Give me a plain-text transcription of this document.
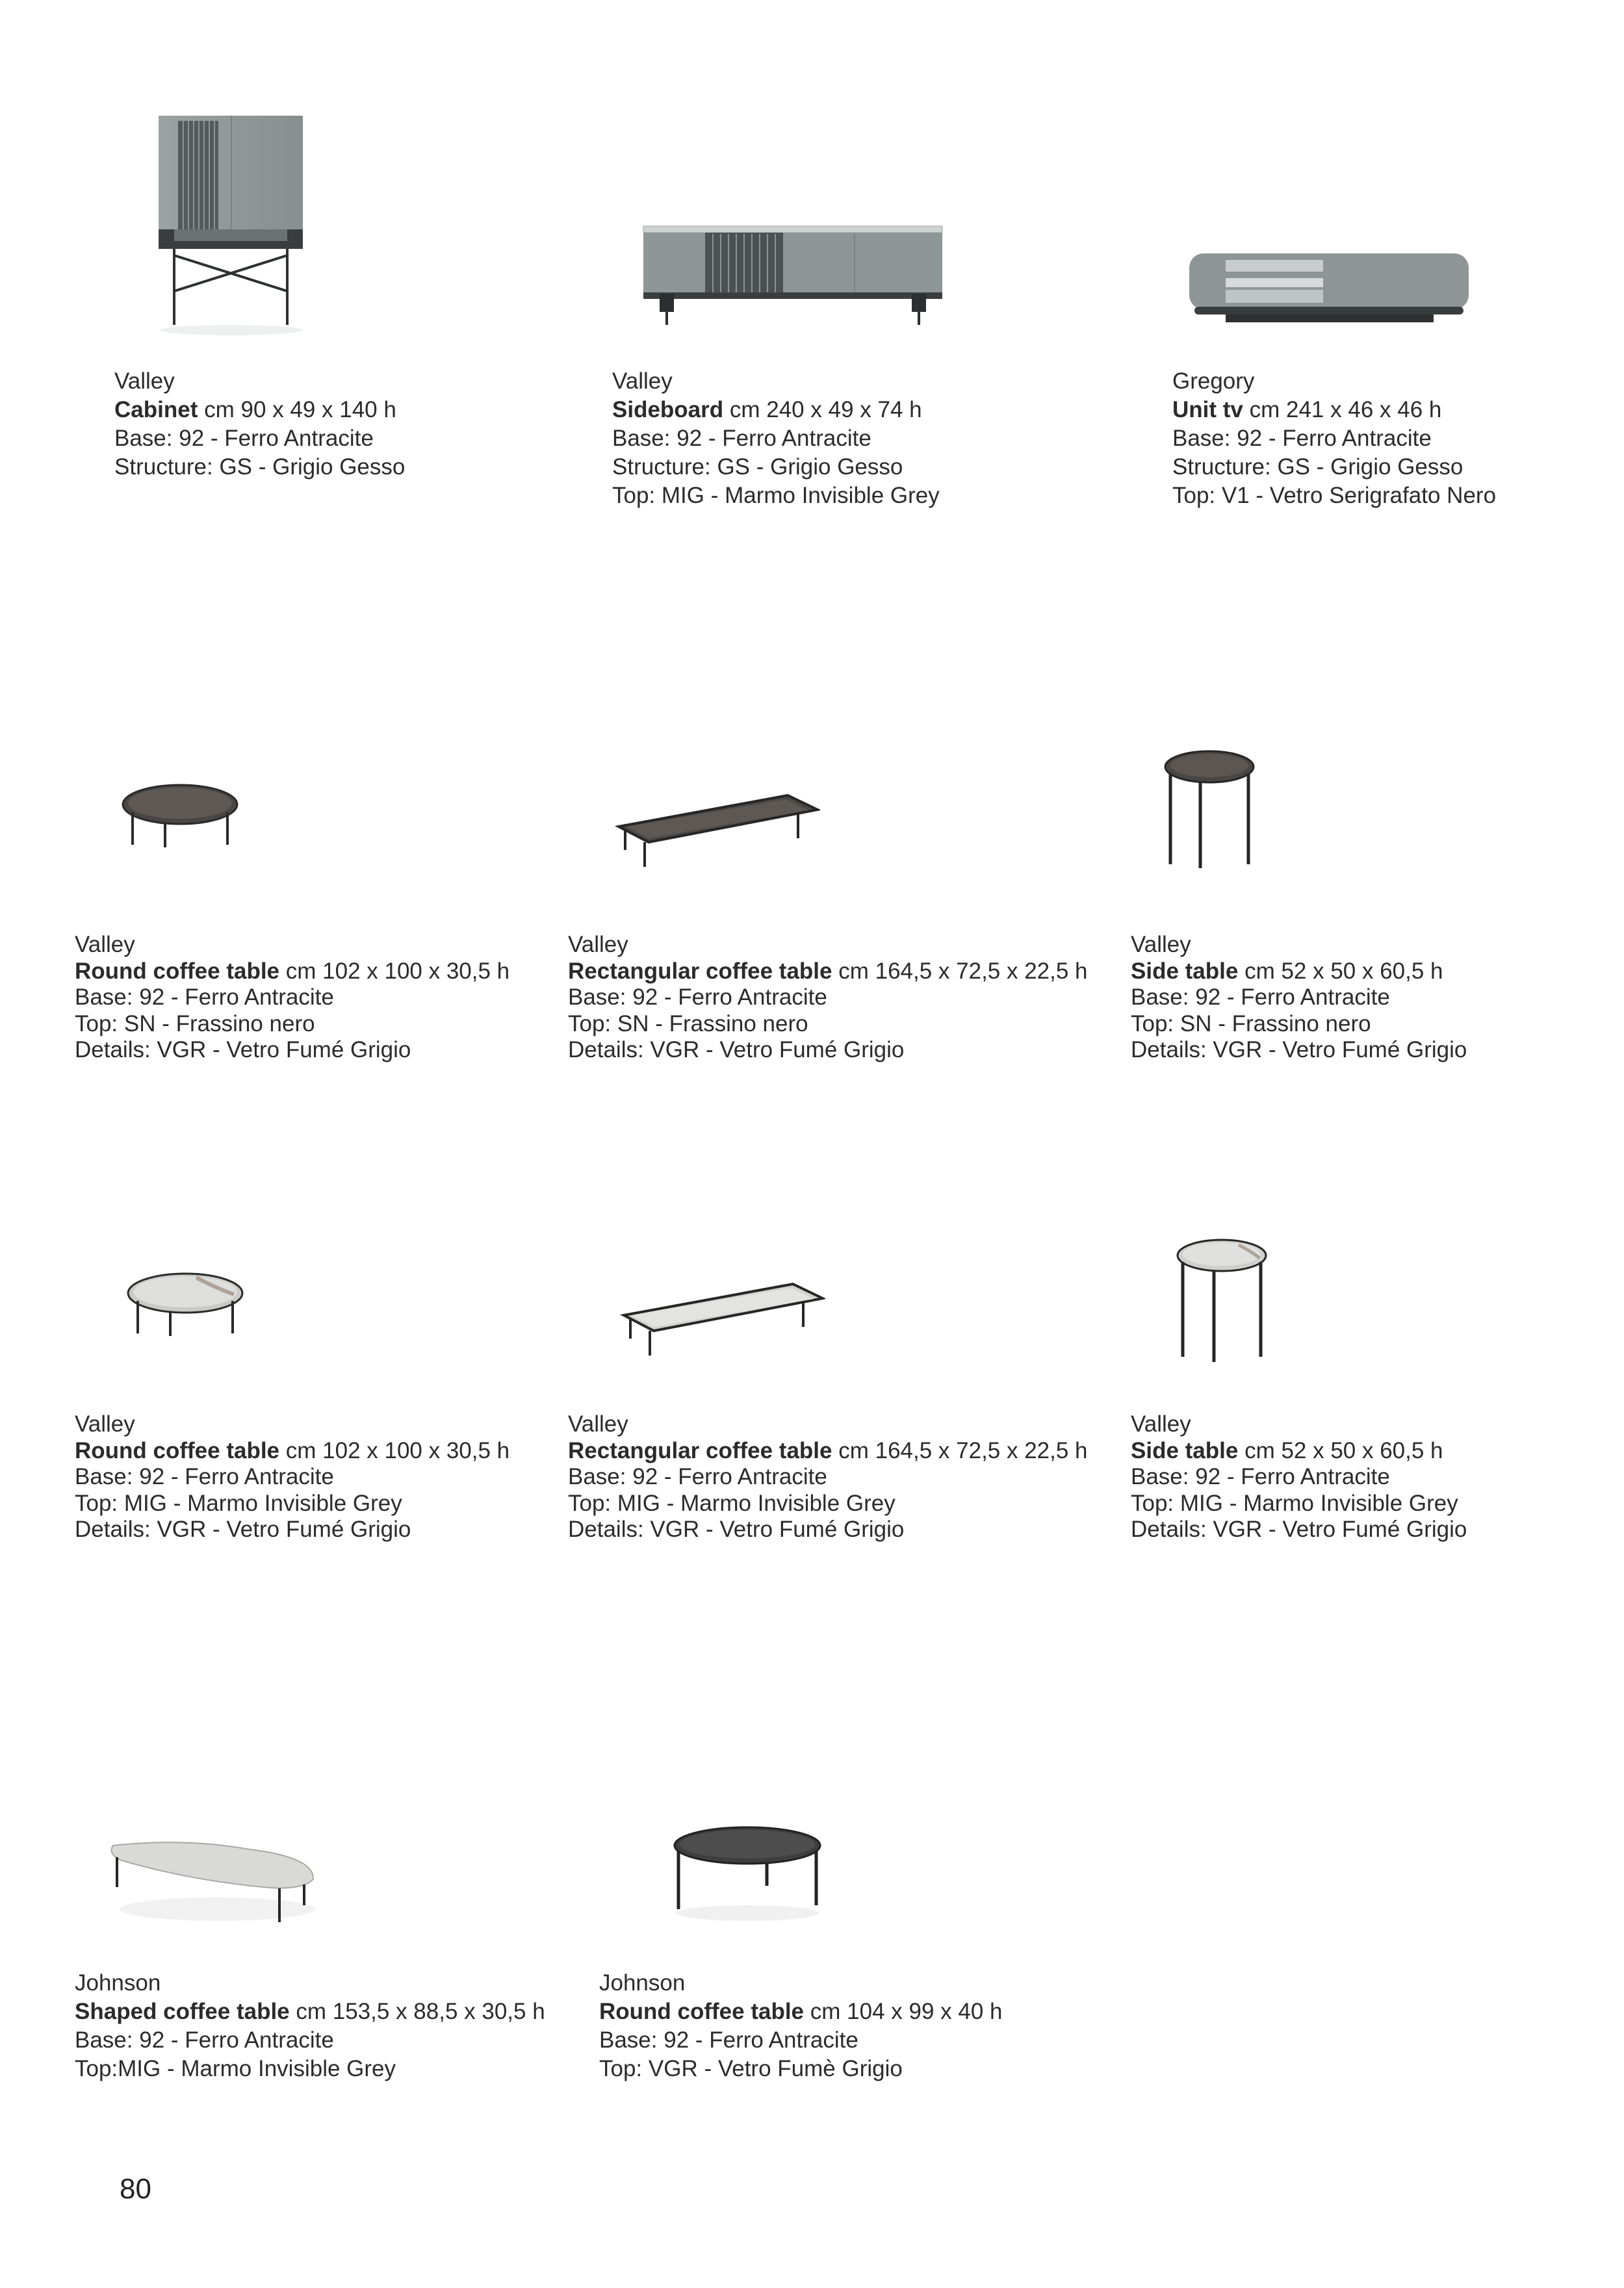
Valley
Cabinet cm 90 x 49 x 140 h
Base: 92 - Ferro Antracite
Structure: GS - Grigio Gesso
Valley
Sideboard cm 240 x 49 x 74 h
Base: 92 - Ferro Antracite
Structure: GS - Grigio Gesso
Top: MIG - Marmo Invisible Grey
Gregory
Unit tv cm 241 x 46 x 46 h
Base: 92 - Ferro Antracite
Structure: GS - Grigio Gesso
Top: V1 - Vetro Serigrafato Nero
Valley
Round coffee table cm 102 x 100 x 30,5 h
Base: 92 - Ferro Antracite
Top: SN - Frassino nero
Details: VGR - Vetro Fumé Grigio
Valley
Rectangular coffee table cm 164,5 x 72,5 x 22,5 h
Base: 92 - Ferro Antracite
Top: SN - Frassino nero
Details: VGR - Vetro Fumé Grigio
Valley
Side table cm 52 x 50 x 60,5 h
Base: 92 - Ferro Antracite
Top: SN - Frassino nero
Details: VGR - Vetro Fumé Grigio
Valley
Round coffee table cm 102 x 100 x 30,5 h
Base: 92 - Ferro Antracite
Top: MIG - Marmo Invisible Grey
Details: VGR - Vetro Fumé Grigio
Valley
Rectangular coffee table cm 164,5 x 72,5 x 22,5 h
Base: 92 - Ferro Antracite
Top: MIG - Marmo Invisible Grey
Details: VGR - Vetro Fumé Grigio
Valley
Side table cm 52 x 50 x 60,5 h
Base: 92 - Ferro Antracite
Top: MIG - Marmo Invisible Grey
Details: VGR - Vetro Fumé Grigio
Johnson
Shaped coffee table cm 153,5 x 88,5 x 30,5 h
Base: 92 - Ferro Antracite
Top:MIG - Marmo Invisible Grey
Johnson
Round coffee table cm 104 x 99 x 40 h
Base: 92 - Ferro Antracite
Top: VGR - Vetro Fumè Grigio
80
